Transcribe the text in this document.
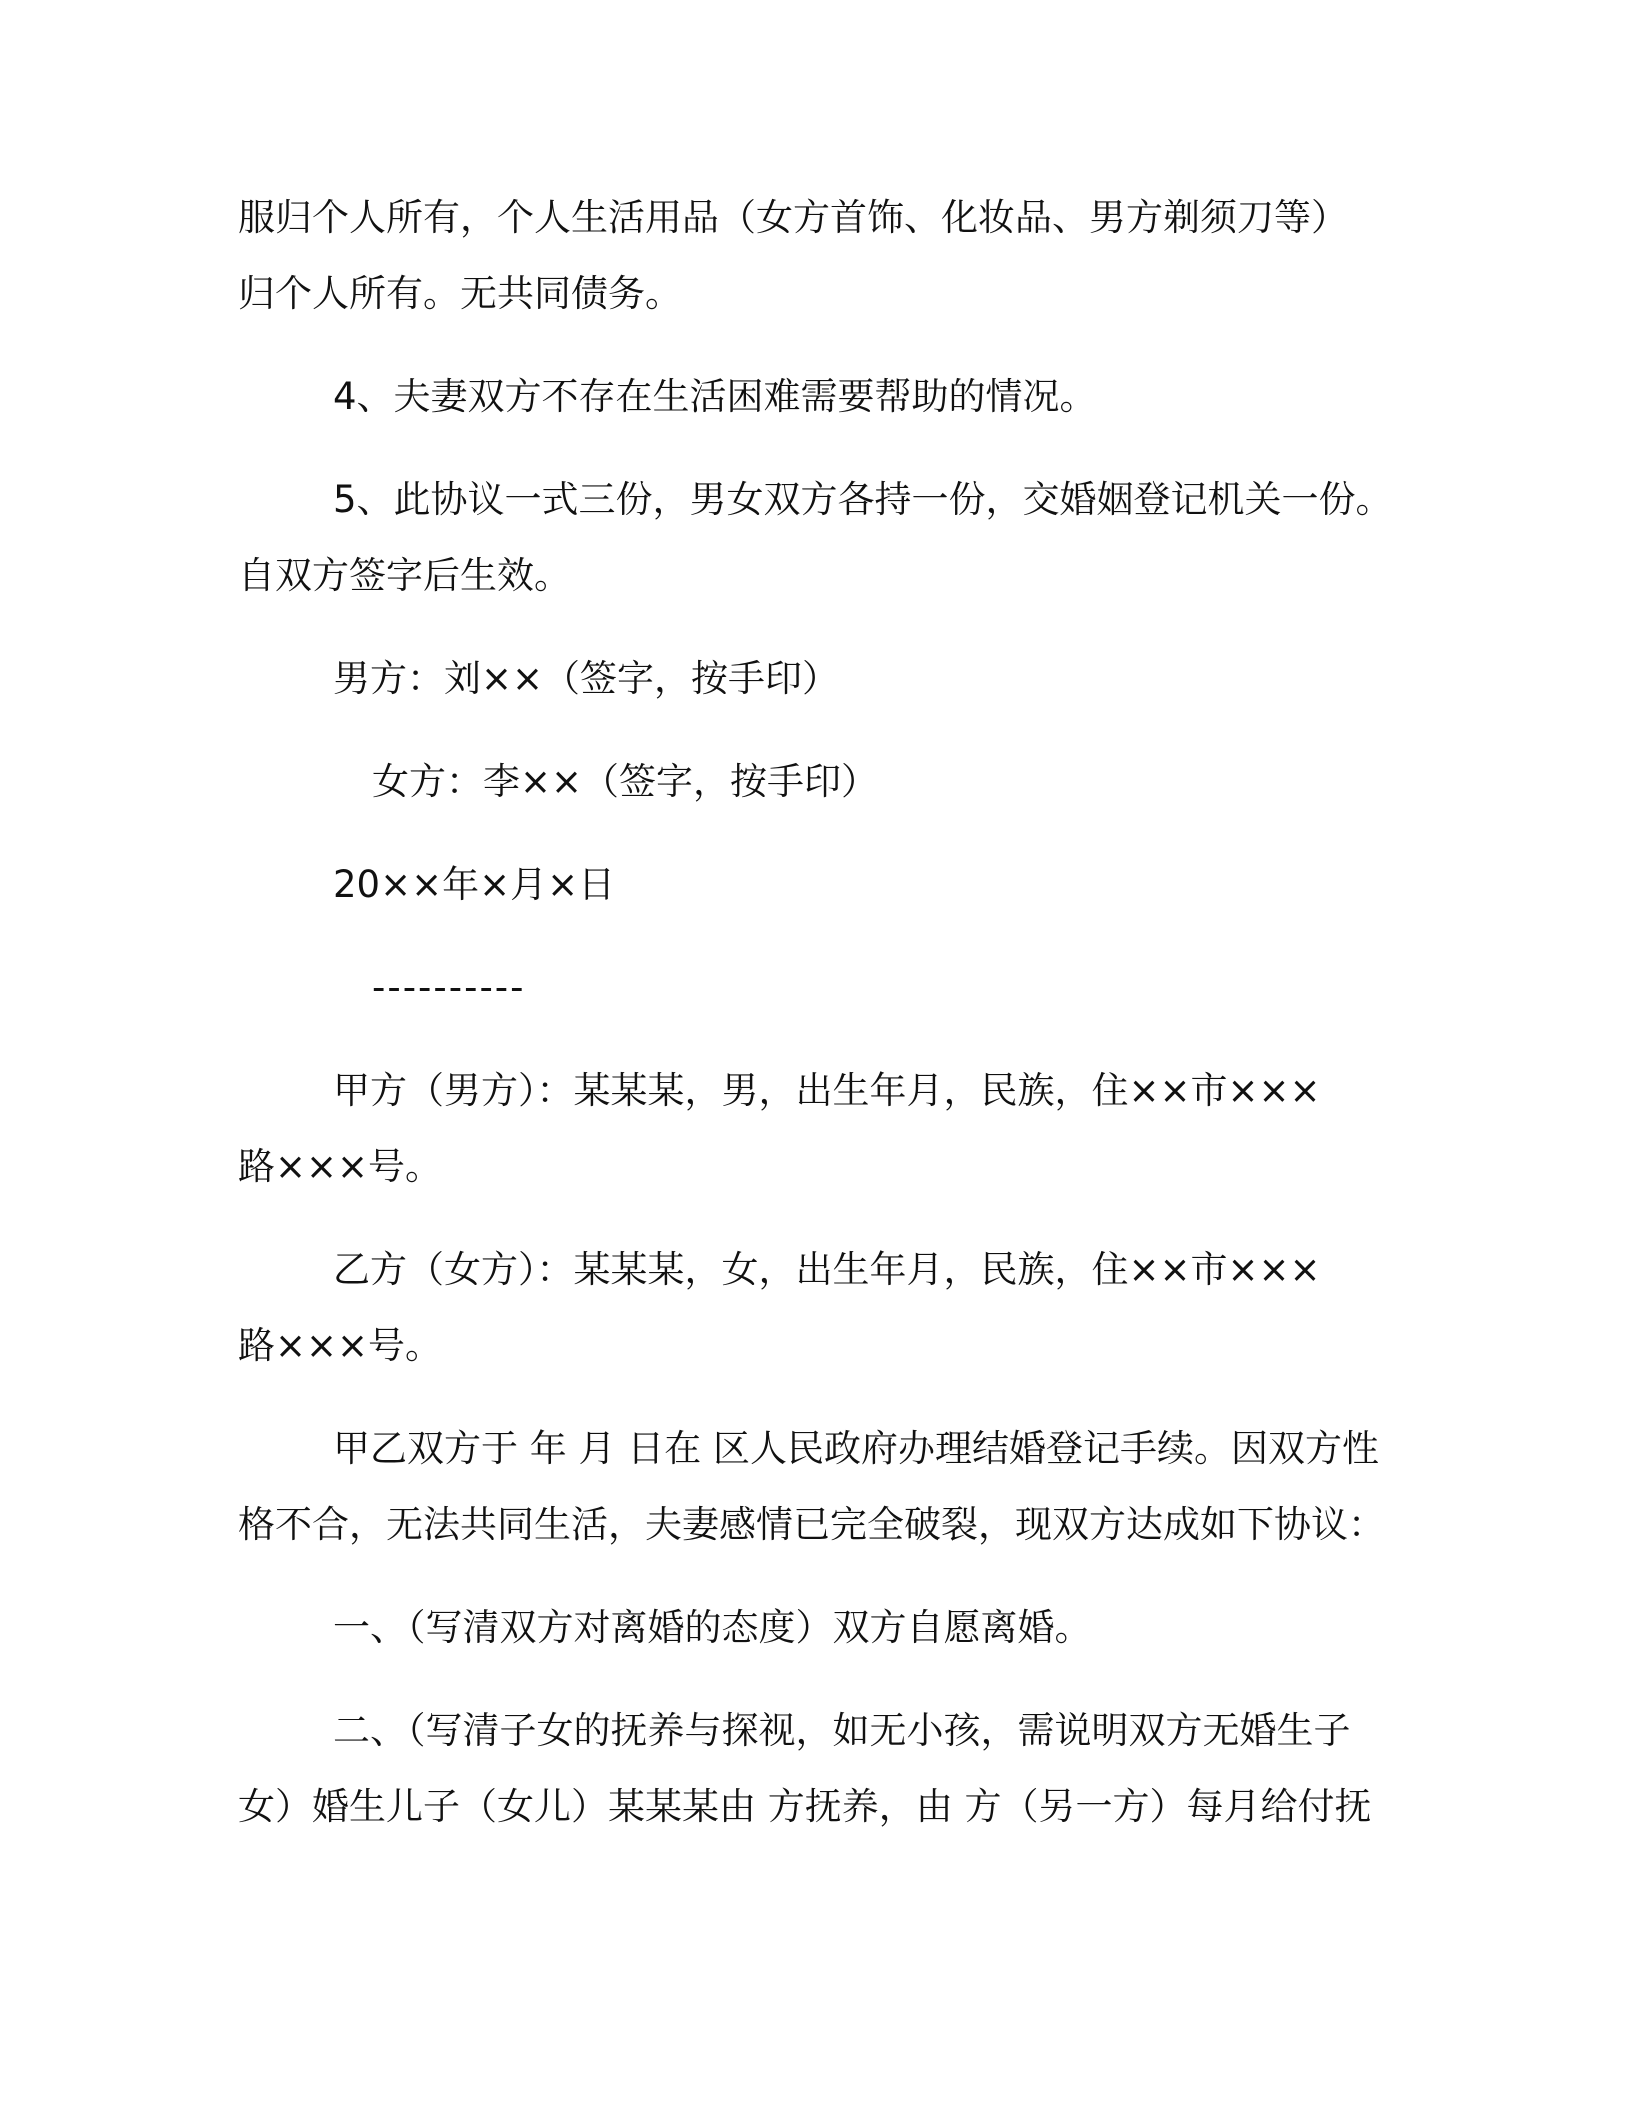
服归个人所有，个人生活用品（女方首饰、化妆品、男方剃须刀等）
归个人所有。无共同债务。
4、夫妻双方不存在生活困难需要帮助的情况。
5、此协议一式三份，男女双方各持一份，交婚姻登记机关一份。
自双方签字后生效。
男方：刘××（签字，按手印）
女方：李××（签字，按手印）
20××年×月×日
----------
甲方（男方）：某某某，男，出生年月，民族，住××市×××
路×××号。
乙方（女方）：某某某，女，出生年月，民族，住××市×××
路×××号。
甲乙双方于 年 月 日在 区人民政府办理结婚登记手续。因双方性
格不合，无法共同生活，夫妻感情已完全破裂，现双方达成如下协议：
一、（写清双方对离婚的态度）双方自愿离婚。
二、（写清子女的抚养与探视，如无小孩，需说明双方无婚生子
女）婚生儿子（女儿）某某某由 方抚养，由 方（另一方）每月给付抚
